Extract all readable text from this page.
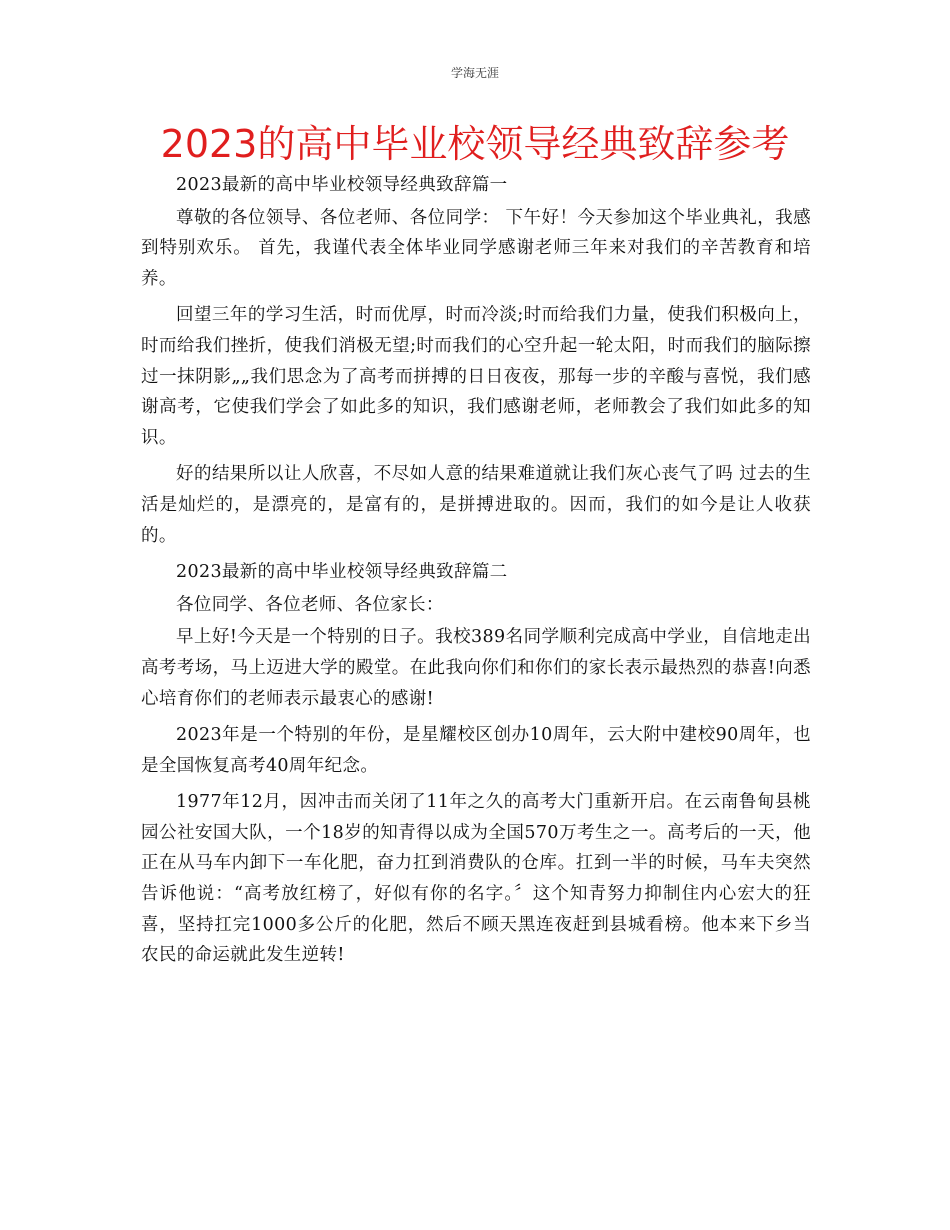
学海无涯
2023的高中毕业校领导经典致辞参考

2023最新的高中毕业校领导经典致辞篇一

尊敬的各位领导、各位老师、各位同学： 下午好！今天参加这个毕业典礼，我感到特别欢乐。 首先，我谨代表全体毕业同学感谢老师三年来对我们的辛苦教育和培养。

回望三年的学习生活，时而优厚，时而冷淡;时而给我们力量，使我们积极向上，时而给我们挫折，使我们消极无望;时而我们的心空升起一轮太阳，时而我们的脑际擦过一抹阴影„„我们思念为了高考而拼搏的日日夜夜，那每一步的辛酸与喜悦，我们感谢高考，它使我们学会了如此多的知识，我们感谢老师，老师教会了我们如此多的知识。

好的结果所以让人欣喜，不尽如人意的结果难道就让我们灰心丧气了吗 过去的生活是灿烂的，是漂亮的，是富有的，是拼搏进取的。因而，我们的如今是让人收获的。

2023最新的高中毕业校领导经典致辞篇二

各位同学、各位老师、各位家长：

早上好!今天是一个特别的日子。我校389名同学顺利完成高中学业，自信地走出高考考场，马上迈进大学的殿堂。在此我向你们和你们的家长表示最热烈的恭喜!向悉心培育你们的老师表示最衷心的感谢!

2023年是一个特别的年份，是星耀校区创办10周年，云大附中建校90周年，也是全国恢复高考40周年纪念。

1977年12月，因冲击而关闭了11年之久的高考大门重新开启。在云南鲁甸县桃园公社安国大队，一个18岁的知青得以成为全国570万考生之一。高考后的一天，他正在从马车内卸下一车化肥，奋力扛到消费队的仓库。扛到一半的时候，马车夫突然告诉他说：“高考放红榜了，好似有你的名字。〞这个知青努力抑制住内心宏大的狂喜，坚持扛完1000多公斤的化肥，然后不顾天黑连夜赶到县城看榜。他本来下乡当农民的命运就此发生逆转!
